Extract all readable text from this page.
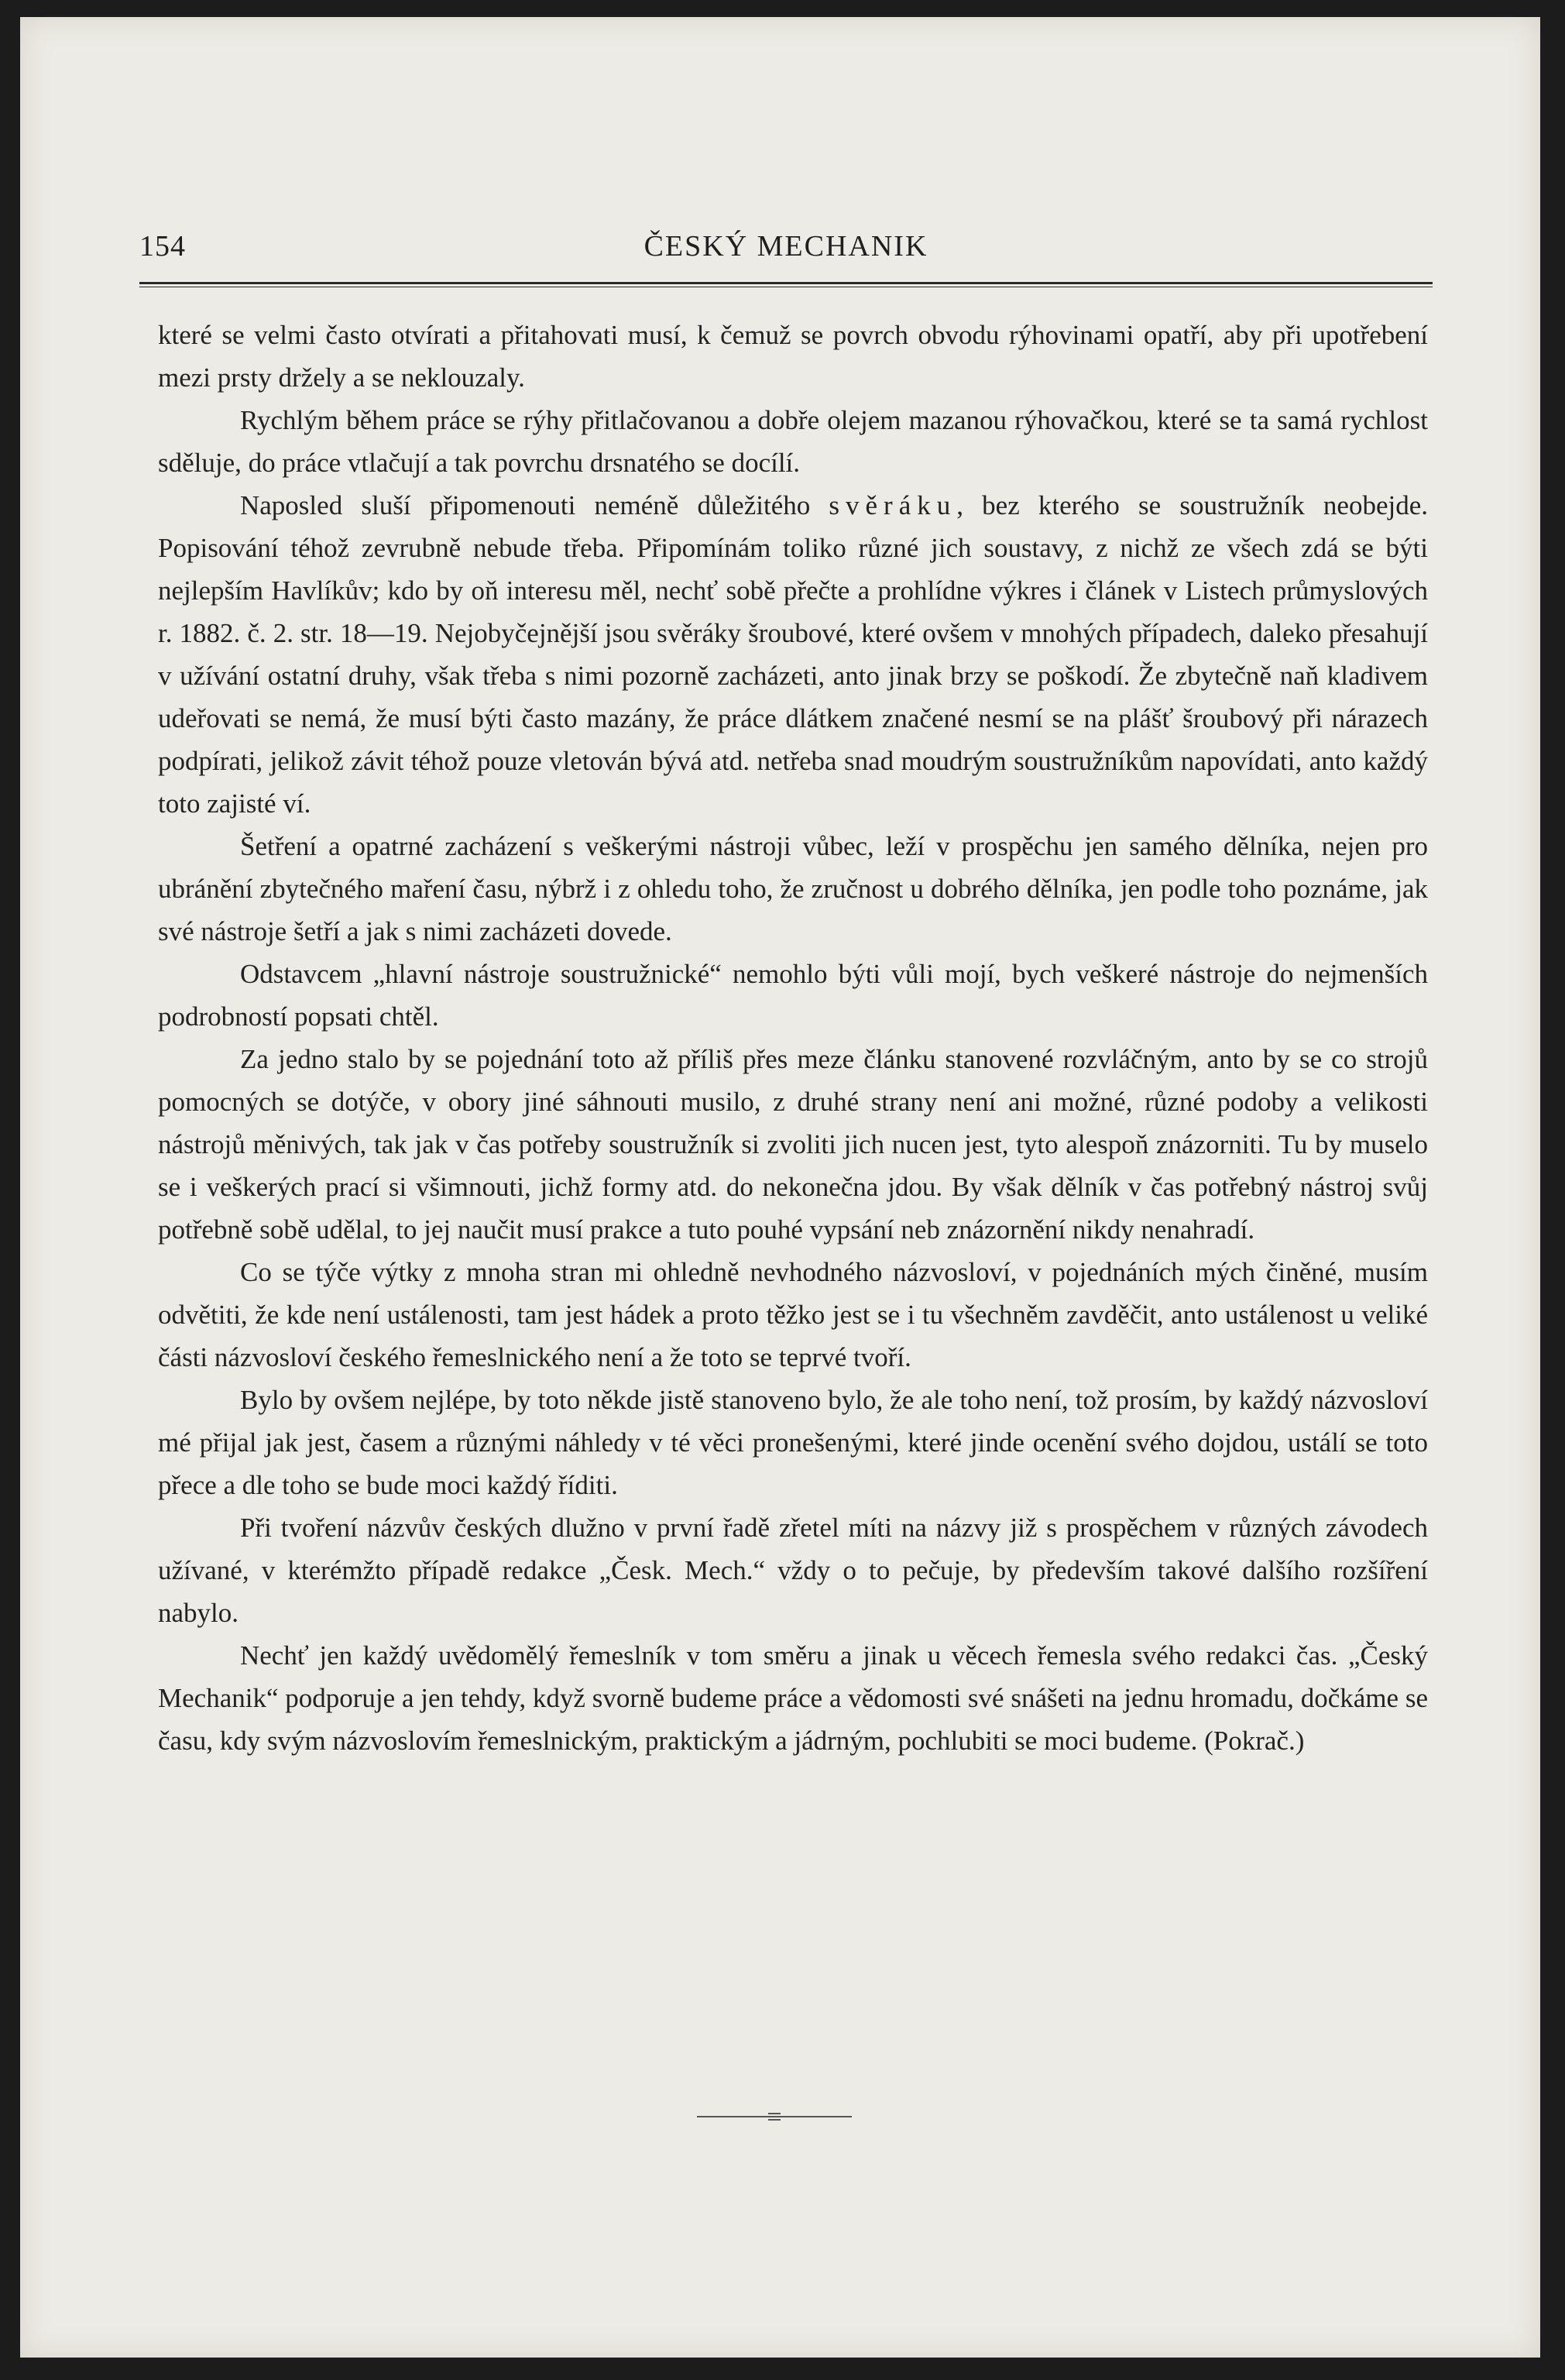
154	ČESKÝ MECHANIK

které se velmi často otvírati a přitahovati musí, k čemuž se povrch obvodu rýhovinami opatří, aby při upotřebení mezi prsty držely a se neklouzaly.

Rychlým během práce se rýhy přitlačovanou a dobře olejem mazanou rýhovačkou, které se ta samá rychlost sděluje, do práce vtlačují a tak povrchu drsnatého se docílí.

Naposled sluší připomenouti neméně důležitého svěráku, bez kterého se soustružník neobejde. Popisování téhož zevrubně nebude třeba. Připomínám toliko různé jich soustavy, z nichž ze všech zdá se býti nejlepším Havlíkův; kdo by oň interesu měl, nechť sobě přečte a prohlídne výkres i článek v Listech průmyslových r. 1882. č. 2. str. 18—19. Nejobyčejnější jsou svěráky šroubové, které ovšem v mnohých případech, daleko přesahují v užívání ostatní druhy, však třeba s nimi pozorně zacházeti, anto jinak brzy se poškodí. Že zbytečně naň kladivem udeřovati se nemá, že musí býti často mazány, že práce dlátkem značené nesmí se na plášť šroubový při nárazech podpírati, jelikož závit téhož pouze vletován bývá atd. netřeba snad moudrým soustružníkům napovídati, anto každý toto zajisté ví.

Šetření a opatrné zacházení s veškerými nástroji vůbec, leží v prospěchu jen samého dělníka, nejen pro ubránění zbytečného maření času, nýbrž i z ohledu toho, že zručnost u dobrého dělníka, jen podle toho poznáme, jak své nástroje šetří a jak s nimi zacházeti dovede.

Odstavcem „hlavní nástroje soustružnické“ nemohlo býti vůli mojí, bych veškeré nástroje do nejmenších podrobností popsati chtěl.

Za jedno stalo by se pojednání toto až příliš přes meze článku stanovené rozvláčným, anto by se co strojů pomocných se dotýče, v obory jiné sáhnouti musilo, z druhé strany není ani možné, různé podoby a velikosti nástrojů měnivých, tak jak v čas potřeby soustružník si zvoliti jich nucen jest, tyto alespoň znázorniti. Tu by muselo se i veškerých prací si všimnouti, jichž formy atd. do nekonečna jdou. By však dělník v čas potřebný nástroj svůj potřebně sobě udělal, to jej naučit musí prakce a tuto pouhé vypsání neb znázornění nikdy nenahradí.

Co se týče výtky z mnoha stran mi ohledně nevhodného názvosloví, v pojednáních mých činěné, musím odvětiti, že kde není ustálenosti, tam jest hádek a proto těžko jest se i tu všechněm zavděčit, anto ustálenost u veliké části názvosloví českého řemeslnického není a že toto se teprvé tvoří.

Bylo by ovšem nejlépe, by toto někde jistě stanoveno bylo, že ale toho není, tož prosím, by každý názvosloví mé přijal jak jest, časem a různými náhledy v té věci pronešenými, které jinde ocenění svého dojdou, ustálí se toto přece a dle toho se bude moci každý říditi.

Při tvoření názvův českých dlužno v první řadě zřetel míti na názvy již s prospěchem v různých závodech užívané, v kterémžto případě redakce „Česk. Mech.“ vždy o to pečuje, by především takové dalšího rozšíření nabylo.

Nechť jen každý uvědomělý řemeslník v tom směru a jinak u věcech řemesla svého redakci čas. „Český Mechanik“ podporuje a jen tehdy, když svorně budeme práce a vědomosti své snášeti na jednu hromadu, dočkáme se času, kdy svým názvoslovím řemeslnickým, praktickým a jádrným, pochlubiti se moci budeme. (Pokrač.)
